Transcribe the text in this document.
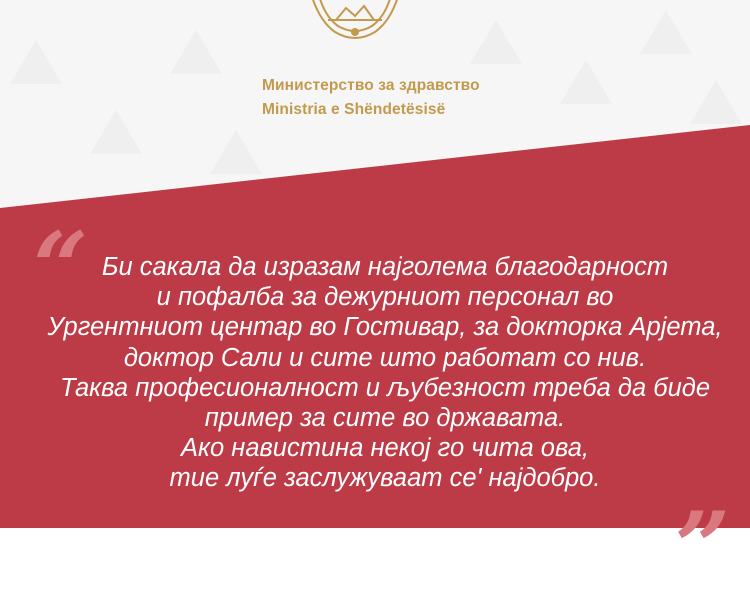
Министерство за здравство
Ministria e Shëndetësisë
“ Би сакала да изразам најголема благодарност
и пофалба за дежурниот персонал во
Ургентниот центар во Гостивар, за докторка Арјета,
доктор Сали и сите што работат со нив.
Таква професионалност и љубезност треба да биде
пример за сите во државата.
Ако навистина некој го чита ова,
тие луѓе заслужуваат се' најдобро.
”
